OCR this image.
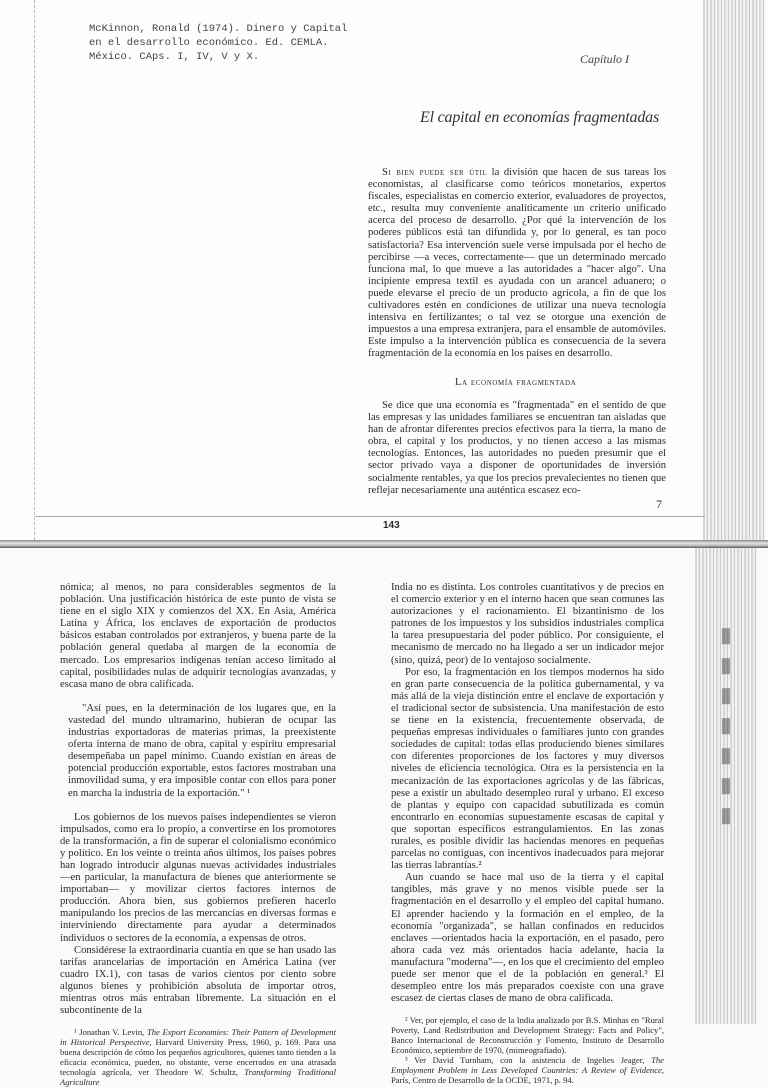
McKinnon, Ronald (1974). Dinero y Capital
en el desarrollo económico. Ed. CEMLA.
México. CAps. I, IV, V y X.	Capítulo I
El capital en economías fragmentadas

Si bien puede ser útil la división que hacen de sus tareas los economistas, al clasificarse como teóricos monetarios, expertos fiscales, especialistas en comercio exterior, evaluadores de proyectos, etc., resulta muy conveniente analíticamente un criterio unificado acerca del proceso de desarrollo. ¿Por qué la intervención de los poderes públicos está tan difundida y, por lo general, es tan poco satisfactoria? Esa intervención suele verse impulsada por el hecho de percibirse —a veces, correctamente— que un determinado mercado funciona mal, lo que mueve a las autoridades a "hacer algo". Una incipiente empresa textil es ayudada con un arancel aduanero; o puede elevarse el precio de un producto agrícola, a fin de que los cultivadores estén en condiciones de utilizar una nueva tecnología intensiva en fertilizantes; o tal vez se otorgue una exención de impuestos a una empresa extranjera, para el ensamble de automóviles. Este impulso a la intervención pública es consecuencia de la severa fragmentación de la economía en los países en desarrollo.

La economía fragmentada

Se dice que una economía es "fragmentada" en el sentido de que las empresas y las unidades familiares se encuentran tan aisladas que han de afrontar diferentes precios efectivos para la tierra, la mano de obra, el capital y los productos, y no tienen acceso a las mismas tecnologías. Entonces, las autoridades no pueden presumir que el sector privado vaya a disponer de oportunidades de inversión socialmente rentables, ya que los precios prevalecientes no tienen que reflejar necesariamente una auténtica escasez eco-

7
143
▮▮▮▮▮▮▮

nómica; al menos, no para considerables segmentos de la población. Una justificación histórica de este punto de vista se tiene en el siglo XIX y comienzos del XX. En Asia, América Latina y África, los enclaves de exportación de productos básicos estaban controlados por extranjeros, y buena parte de la población general quedaba al margen de la economía de mercado. Los empresarios indígenas tenían acceso limitado al capital, posibilidades nulas de adquirir tecnologías avanzadas, y escasa mano de obra calificada.

"Así pues, en la determinación de los lugares que, en la vastedad del mundo ultramarino, hubieran de ocupar las industrias exportadoras de materias primas, la preexistente oferta interna de mano de obra, capital y espíritu empresarial desempeñaba un papel mínimo. Cuando existían en áreas de potencial producción exportable, estos factores mostraban una inmovilidad suma, y era imposible contar con ellos para poner en marcha la industria de la exportación." ¹

Los gobiernos de los nuevos países independientes se vieron impulsados, como era lo propio, a convertirse en los promotores de la transformación, a fin de superar el colonialismo económico y político. En los veinte o treinta años últimos, los países pobres han logrado introducir algunas nuevas actividades industriales —en particular, la manufactura de bienes que anteriormente se importaban— y movilizar ciertos factores internos de producción. Ahora bien, sus gobiernos prefieren hacerlo manipulando los precios de las mercancías en diversas formas e interviniendo directamente para ayudar a determinados individuos o sectores de la economía, a expensas de otros.

Considérese la extraordinaria cuantía en que se han usado las tarifas arancelarias de importación en América Latina (ver cuadro IX.1), con tasas de varios cientos por ciento sobre algunos bienes y prohibición absoluta de importar otros, mientras otros más entraban libremente. La situación en el subcontinente de la

¹ Jonathan V. Levin, The Export Economies: Their Pattern of Development in Historical Perspective, Harvard University Press, 1960, p. 169. Para una buena descripción de cómo los pequeños agricultores, quienes tanto tienden a la eficacia económica, pueden, no obstante, verse encerrados en una atrasada tecnología agrícola, ver Theodore W. Schultz, Transforming Traditional Agriculture

India no es distinta. Los controles cuantitativos y de precios en el comercio exterior y en el interno hacen que sean comunes las autorizaciones y el racionamiento. El bizantinismo de los patrones de los impuestos y los subsidios industriales complica la tarea presupuestaria del poder público. Por consiguiente, el mecanismo de mercado no ha llegado a ser un indicador mejor (sino, quizá, peor) de lo ventajoso socialmente.

Por eso, la fragmentación en los tiempos modernos ha sido en gran parte consecuencia de la política gubernamental, y va más allá de la vieja distinción entre el enclave de exportación y el tradicional sector de subsistencia. Una manifestación de esto se tiene en la existencia, frecuentemente observada, de pequeñas empresas individuales o familiares junto con grandes sociedades de capital: todas ellas produciendo bienes similares con diferentes proporciones de los factores y muy diversos niveles de eficiencia tecnológica. Otra es la persistencia en la mecanización de las exportaciones agrícolas y de las fábricas, pese a existir un abultado desempleo rural y urbano. El exceso de plantas y equipo con capacidad subutilizada es común encontrarlo en economías supuestamente escasas de capital y que soportan específicos estrangulamientos. En las zonas rurales, es posible dividir las haciendas menores en pequeñas parcelas no contiguas, con incentivos inadecuados para mejorar las tierras labrantías.²

Aun cuando se hace mal uso de la tierra y el capital tangibles, más grave y no menos visible puede ser la fragmentación en el desarrollo y el empleo del capital humano. El aprender haciendo y la formación en el empleo, de la economía "organizada", se hallan confinados en reducidos enclaves —orientados hacia la exportación, en el pasado, pero ahora cada vez más orientados hacia adelante, hacia la manufactura "moderna"—, en los que el crecimiento del empleo puede ser menor que el de la población en general.³ El desempleo entre los más preparados coexiste con una grave escasez de ciertas clases de mano de obra calificada.

² Ver, por ejemplo, el caso de la India analizado por B.S. Minhas en "Rural Poverty, Land Redistribution and Development Strategy: Facts and Policy", Banco Internacional de Reconstrucción y Fomento, Instituto de Desarrollo Económico, septiembre de 1970, (mimeografiado).

³ Ver David Turnham, con la asistencia de Ingelies Jeager, The Employment Problem in Less Developed Countries: A Review of Evidence, París, Centro de Desarrollo de la OCDE, 1971, p. 94.
